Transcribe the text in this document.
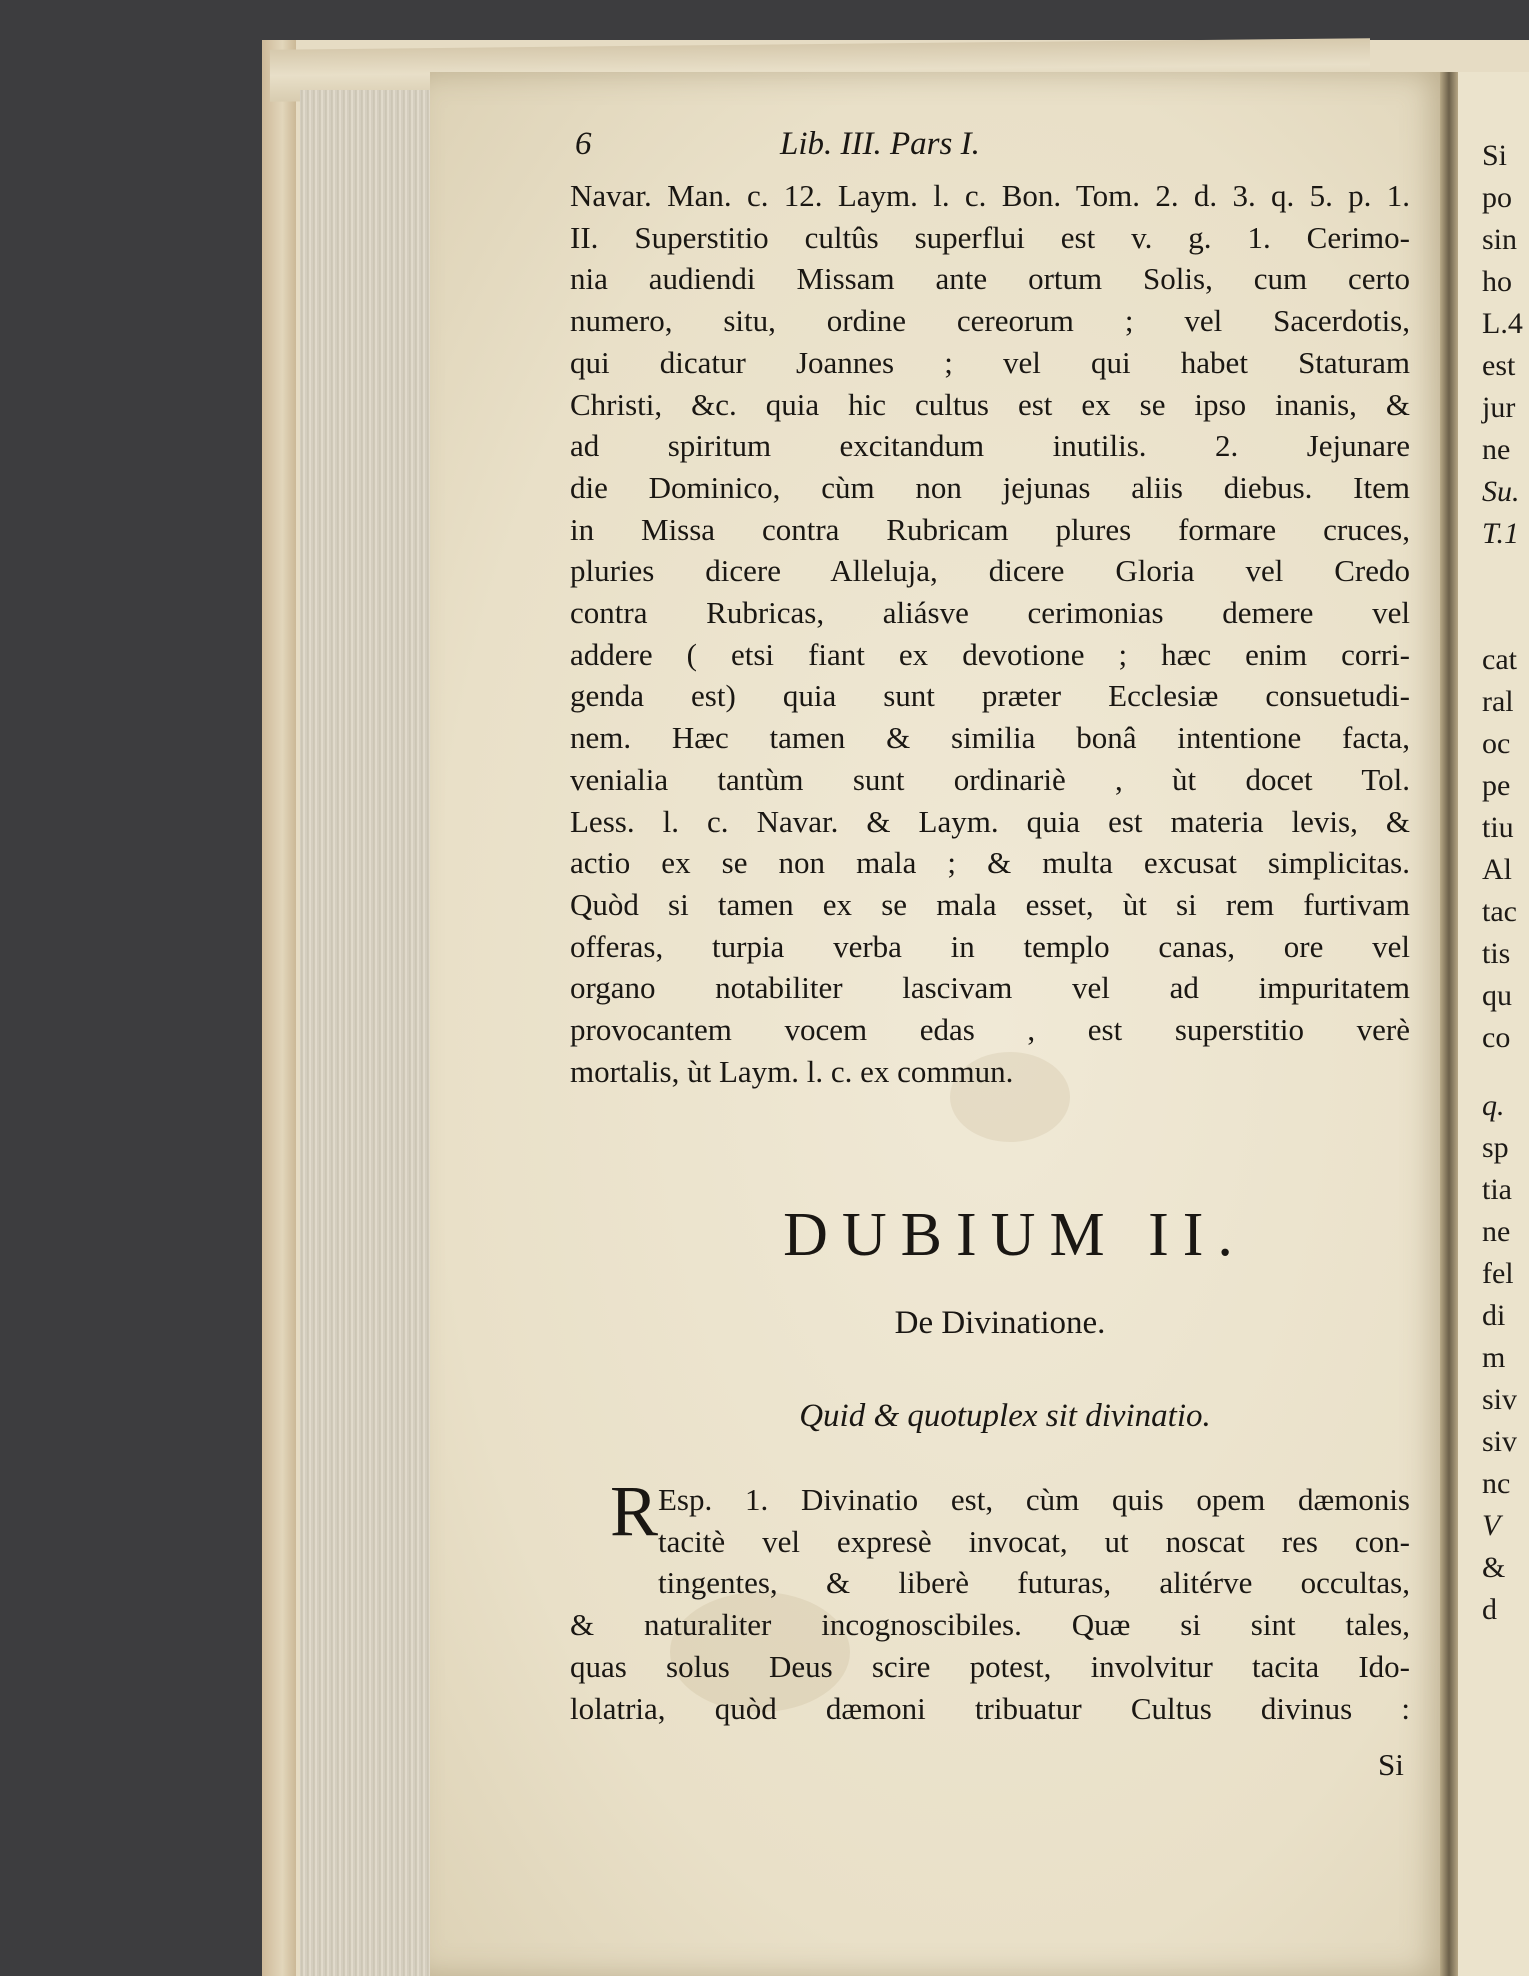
Si
po
sin
ho
L.4
est
jur
ne
Su.
T.1
cat
ral
oc
pe
tiu
Al
tac
tis
qu
co
q.
sp
tia
ne
fel
di
m
siv
siv
nc
V
&
d
6	Lib. III. Pars I.
Navar. Man. c. 12. Laym. l. c. Bon. Tom. 2. d. 3. q. 5. p. 1.
II. Superstitio cultûs superflui est v. g. 1. Cerimo-
nia audiendi Missam ante ortum Solis, cum certo
numero, situ, ordine cereorum ; vel Sacerdotis,
qui dicatur Joannes ; vel qui habet Staturam
Christi, &c. quia hic cultus est ex se ipso inanis, &
ad spiritum excitandum inutilis. 2. Jejunare
die Dominico, cùm non jejunas aliis diebus. Item
in Missa contra Rubricam plures formare cruces,
pluries dicere Alleluja, dicere Gloria vel Credo
contra Rubricas, aliásve cerimonias demere vel
addere ( etsi fiant ex devotione ; hæc enim corri-
genda est) quia sunt præter Ecclesiæ consuetudi-
nem. Hæc tamen & similia bonâ intentione facta,
venialia tantùm sunt ordinariè , ùt docet Tol.
Less. l. c. Navar. & Laym. quia est materia levis, &
actio ex se non mala ; & multa excusat simplicitas.
Quòd si tamen ex se mala esset, ùt si rem furtivam
offeras, turpia verba in templo canas, ore vel
organo notabiliter lascivam vel ad impuritatem
provocantem vocem edas , est superstitio verè
mortalis, ùt Laym. l. c. ex commun.
DUBIUM II.
De Divinatione.
Quid & quotuplex sit divinatio.
R Esp. 1. Divinatio est, cùm quis opem dæmonis
tacitè vel expresè invocat, ut noscat res con-
tingentes, & liberè futuras, alitérve occultas,
& naturaliter incognoscibiles. Quæ si sint tales,
quas solus Deus scire potest, involvitur tacita Ido-
lolatria, quòd dæmoni tribuatur Cultus divinus :
Si
